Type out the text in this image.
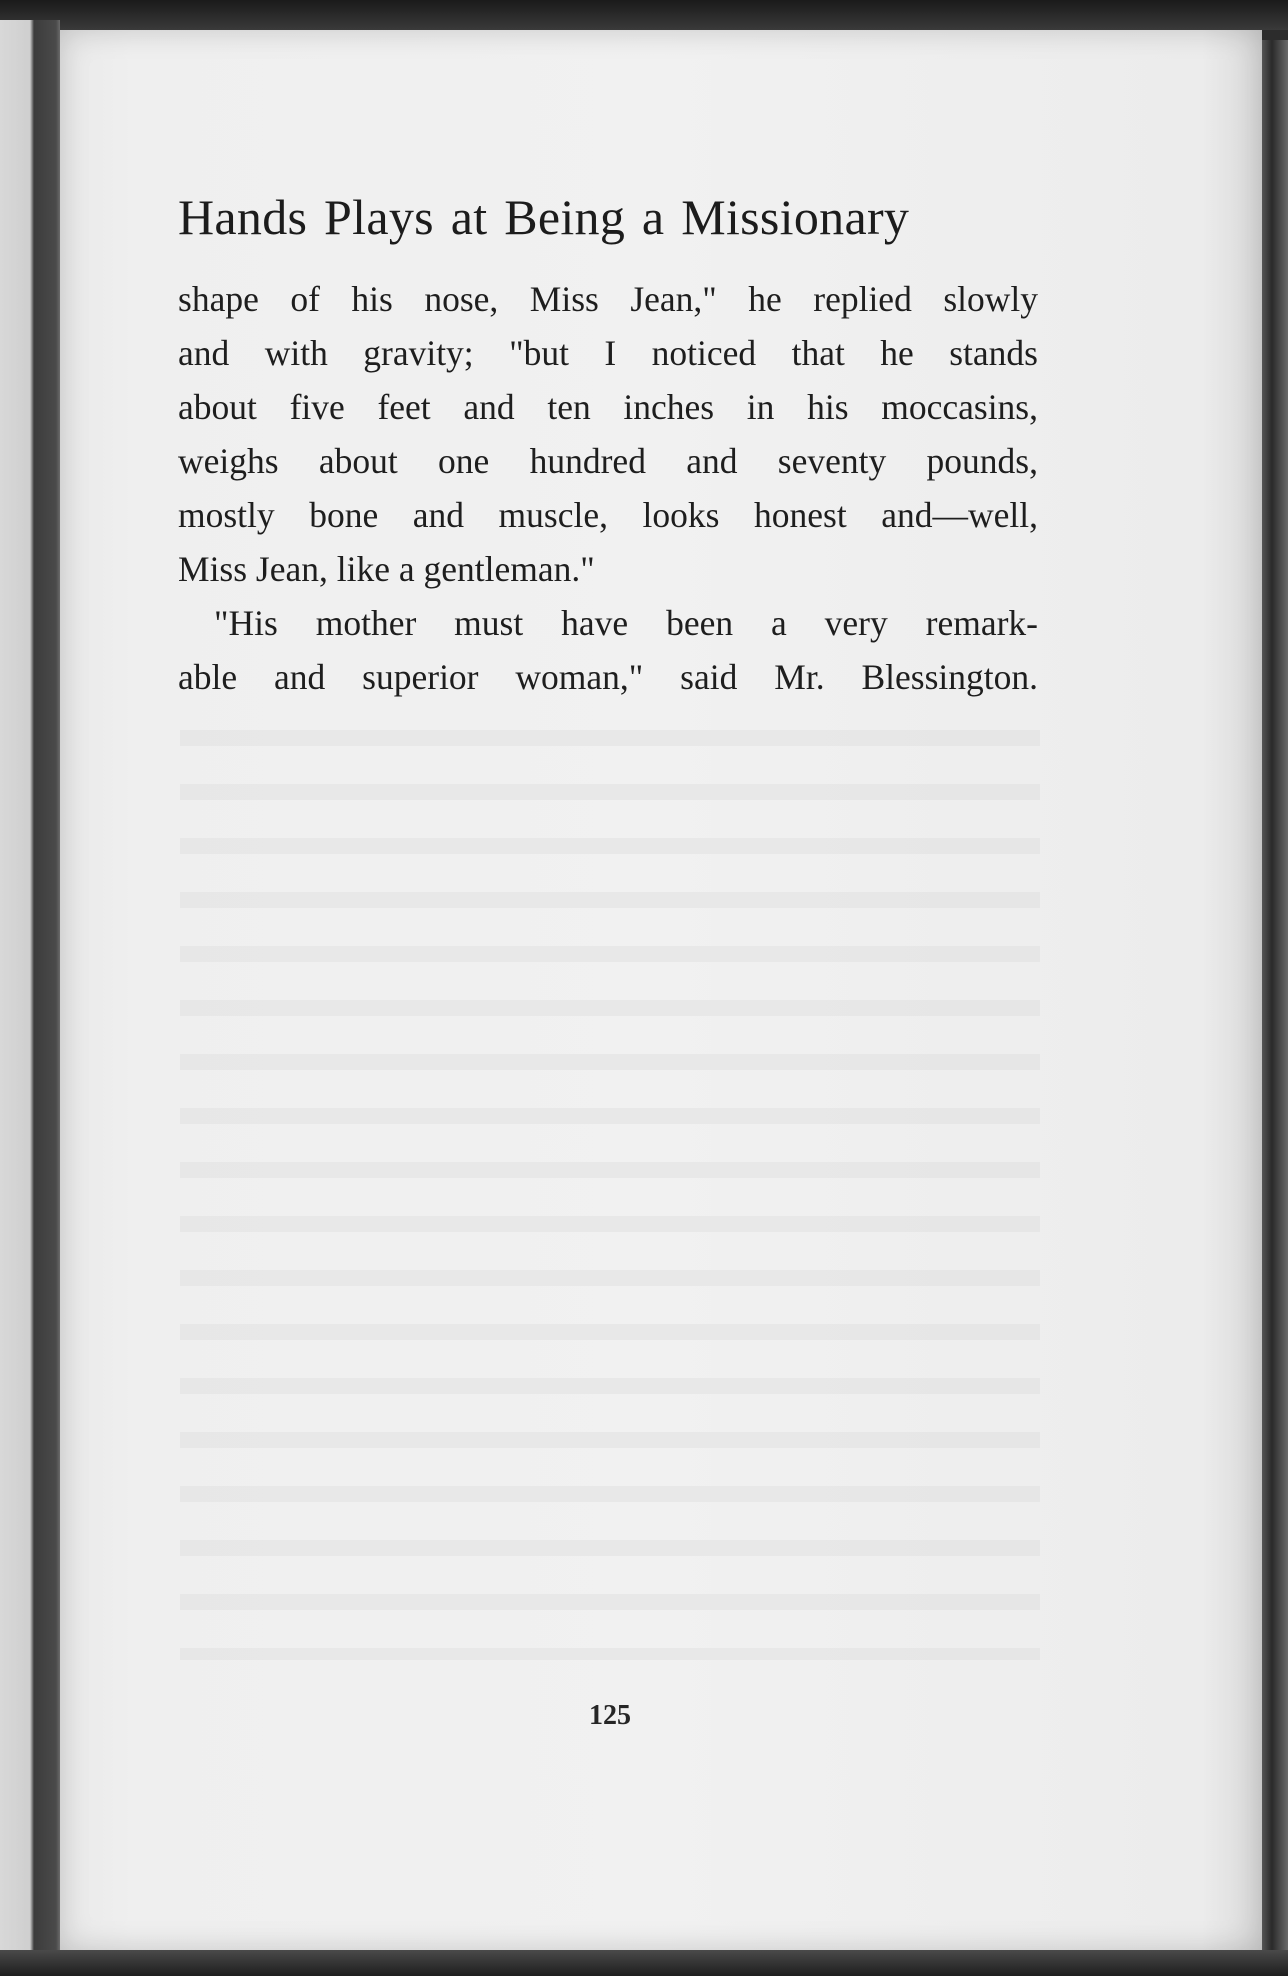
Hands Plays at Being a Missionary
shape of his nose, Miss Jean," he replied slowly
and with gravity; "but I noticed that he stands
about five feet and ten inches in his moccasins,
weighs about one hundred and seventy pounds,
mostly bone and muscle, looks honest and—well,
Miss Jean, like a gentleman."
"His mother must have been a very remark-
able and superior woman," said Mr. Blessington.
125
